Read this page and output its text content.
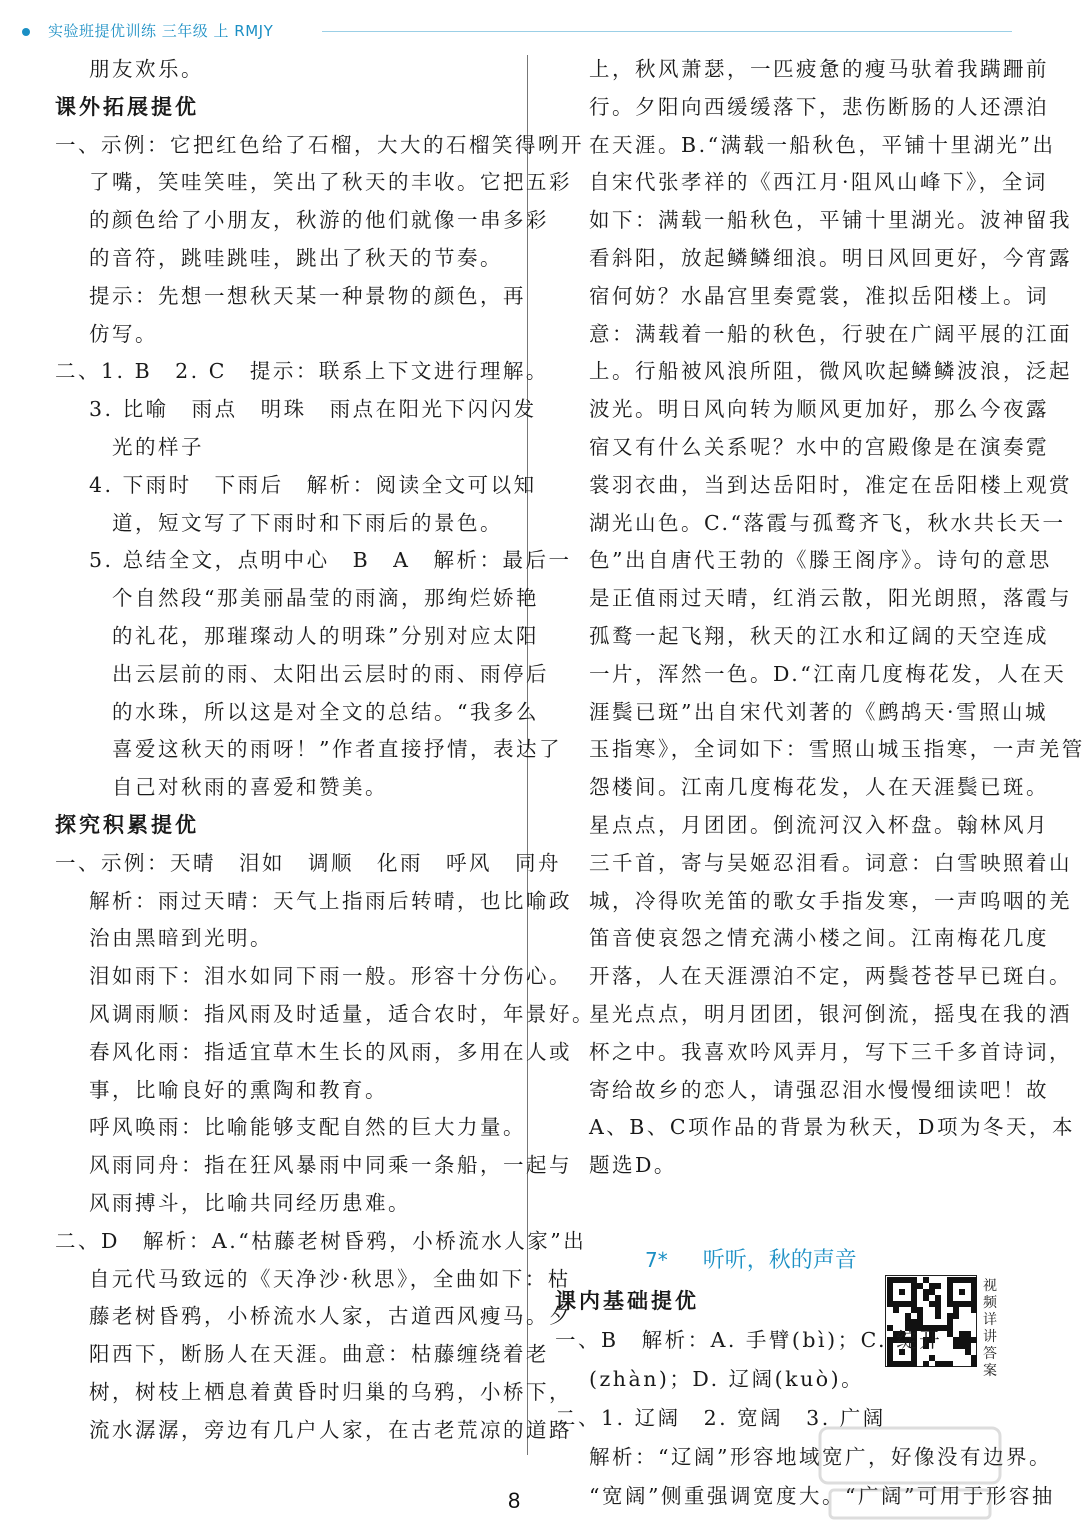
实验班提优训练 三年级 上 RMJY
朋友欢乐。
课外拓展提优
一、示例：它把红色给了石榴，大大的石榴笑得咧开
了嘴，笑哇笑哇，笑出了秋天的丰收。它把五彩
的颜色给了小朋友，秋游的他们就像一串多彩
的音符，跳哇跳哇，跳出了秋天的节奏。
提示：先想一想秋天某一种景物的颜色，再
仿写。
二、1. B　2. C　提示：联系上下文进行理解。
3. 比喻　雨点　明珠　雨点在阳光下闪闪发
　光的样子
4. 下雨时　下雨后　解析：阅读全文可以知
　道，短文写了下雨时和下雨后的景色。
5. 总结全文，点明中心　B　A　解析：最后一
　个自然段“那美丽晶莹的雨滴，那绚烂娇艳
　的礼花，那璀璨动人的明珠”分别对应太阳
　出云层前的雨、太阳出云层时的雨、雨停后
　的水珠，所以这是对全文的总结。“我多么
　喜爱这秋天的雨呀！”作者直接抒情，表达了
　自己对秋雨的喜爱和赞美。
探究积累提优
一、示例：天晴　泪如　调顺　化雨　呼风　同舟
解析：雨过天晴：天气上指雨后转晴，也比喻政
治由黑暗到光明。
泪如雨下：泪水如同下雨一般。形容十分伤心。
风调雨顺：指风雨及时适量，适合农时，年景好。
春风化雨：指适宜草木生长的风雨，多用在人或
事，比喻良好的熏陶和教育。
呼风唤雨：比喻能够支配自然的巨大力量。
风雨同舟：指在狂风暴雨中同乘一条船，一起与
风雨搏斗，比喻共同经历患难。
二、D　解析：A.“枯藤老树昏鸦，小桥流水人家”出
自元代马致远的《天净沙·秋思》，全曲如下：枯
藤老树昏鸦，小桥流水人家，古道西风瘦马。夕
阳西下，断肠人在天涯。曲意：枯藤缠绕着老
树，树枝上栖息着黄昏时归巢的乌鸦，小桥下，
流水潺潺，旁边有几户人家，在古老荒凉的道路
7* 听听，秋的声音
视频详讲答案
上，秋风萧瑟，一匹疲惫的瘦马驮着我蹒跚前
行。夕阳向西缓缓落下，悲伤断肠的人还漂泊
在天涯。B.“满载一船秋色，平铺十里湖光”出
自宋代张孝祥的《西江月·阻风山峰下》，全词
如下：满载一船秋色，平铺十里湖光。波神留我
看斜阳，放起鳞鳞细浪。明日风回更好，今宵露
宿何妨？水晶宫里奏霓裳，准拟岳阳楼上。词
意：满载着一船的秋色，行驶在广阔平展的江面
上。行船被风浪所阻，微风吹起鳞鳞波浪，泛起
波光。明日风向转为顺风更加好，那么今夜露
宿又有什么关系呢？水中的宫殿像是在演奏霓
裳羽衣曲，当到达岳阳时，准定在岳阳楼上观赏
湖光山色。C.“落霞与孤鹜齐飞，秋水共长天一
色”出自唐代王勃的《滕王阁序》。诗句的意思
是正值雨过天晴，红消云散，阳光朗照，落霞与
孤鹜一起飞翔，秋天的江水和辽阔的天空连成
一片，浑然一色。D.“江南几度梅花发，人在天
涯鬓已斑”出自宋代刘著的《鹧鸪天·雪照山城
玉指寒》，全词如下：雪照山城玉指寒，一声羌管
怨楼间。江南几度梅花发，人在天涯鬓已斑。
星点点，月团团。倒流河汉入杯盘。翰林风月
三千首，寄与吴姬忍泪看。词意：白雪映照着山
城，冷得吹羌笛的歌女手指发寒，一声呜咽的羌
笛音使哀怨之情充满小楼之间。江南梅花几度
开落，人在天涯漂泊不定，两鬓苍苍早已斑白。
星光点点，明月团团，银河倒流，摇曳在我的酒
杯之中。我喜欢吟风弄月，写下三千多首诗词，
寄给故乡的恋人，请强忍泪水慢慢细读吧！故
A、B、C项作品的背景为秋天，D项为冬天，本
题选D。
课内基础提优
一、B　解析：A. 手臂(bì)；C. 绽开
(zhàn)；D. 辽阔(kuò)。
二、1. 辽阔　2. 宽阔　3. 广阔
解析：“辽阔”形容地域宽广，好像没有边界。
“宽阔”侧重强调宽度大。“广阔”可用于形容抽
8
